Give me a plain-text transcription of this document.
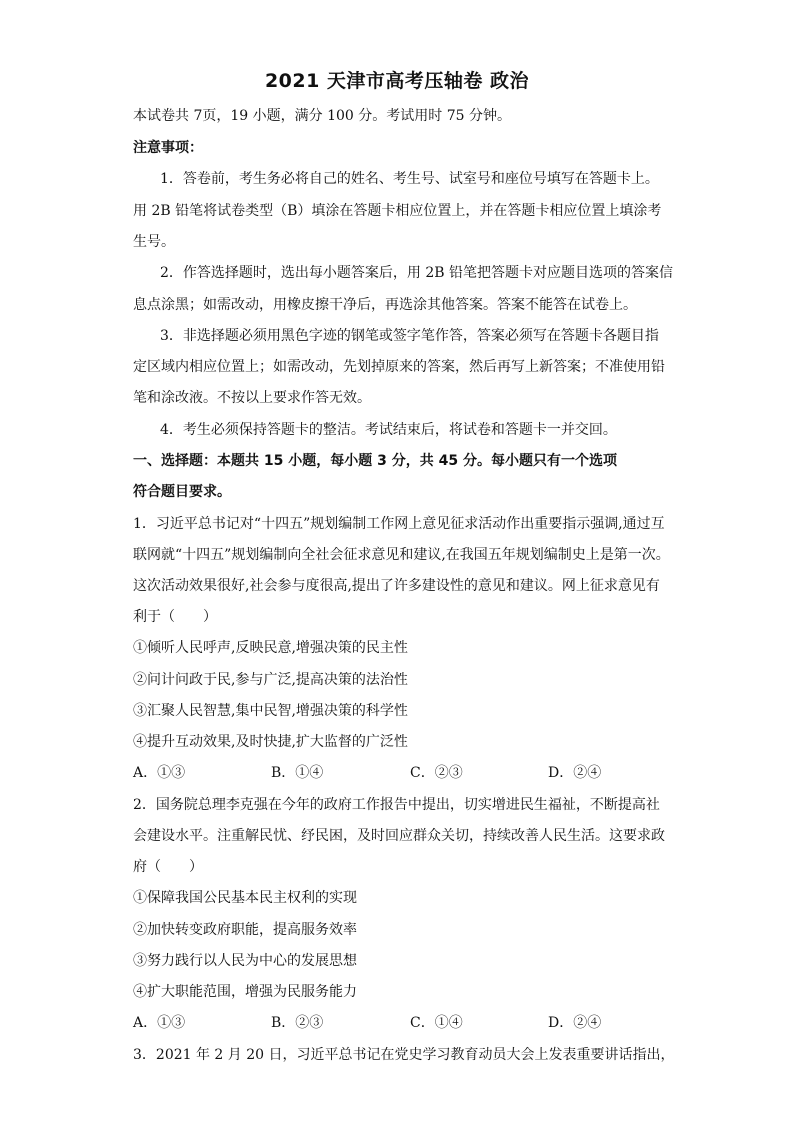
2021 天津市高考压轴卷 政治
本试卷共 7页，19 小题，满分 100 分。考试用时 75 分钟。
注意事项：
1．答卷前，考生务必将自己的姓名、考生号、试室号和座位号填写在答题卡上。
用 2B 铅笔将试卷类型（B）填涂在答题卡相应位置上，并在答题卡相应位置上填涂考
生号。
2．作答选择题时，选出每小题答案后，用 2B 铅笔把答题卡对应题目选项的答案信
息点涂黑；如需改动，用橡皮擦干净后，再选涂其他答案。答案不能答在试卷上。
3．非选择题必须用黑色字迹的钢笔或签字笔作答，答案必须写在答题卡各题目指
定区域内相应位置上；如需改动，先划掉原来的答案，然后再写上新答案；不准使用铅
笔和涂改液。不按以上要求作答无效。
4．考生必须保持答题卡的整洁。考试结束后，将试卷和答题卡一并交回。
一、选择题：本题共 15 小题，每小题 3 分，共 45 分。每小题只有一个选项
符合题目要求。
1．习近平总书记对“十四五”规划编制工作网上意见征求活动作出重要指示强调,通过互
联网就“十四五”规划编制向全社会征求意见和建议,在我国五年规划编制史上是第一次。
这次活动效果很好,社会参与度很高,提出了许多建设性的意见和建议。网上征求意见有
利于（　　）
①倾听人民呼声,反映民意,增强决策的民主性
②问计问政于民,参与广泛,提高决策的法治性
③汇聚人民智慧,集中民智,增强决策的科学性
④提升互动效果,及时快捷,扩大监督的广泛性
A．①③	B．①④	C．②③	D．②④
2．国务院总理李克强在今年的政府工作报告中提出，切实增进民生福祉，不断提高社
会建设水平。注重解民忧、纾民困，及时回应群众关切，持续改善人民生活。这要求政
府（　　）
①保障我国公民基本民主权利的实现
②加快转变政府职能，提高服务效率
③努力践行以人民为中心的发展思想
④扩大职能范围，增强为民服务能力
A．①③	B．②③	C．①④	D．②④
3．2021 年 2 月 20 日，习近平总书记在党史学习教育动员大会上发表重要讲话指出，
